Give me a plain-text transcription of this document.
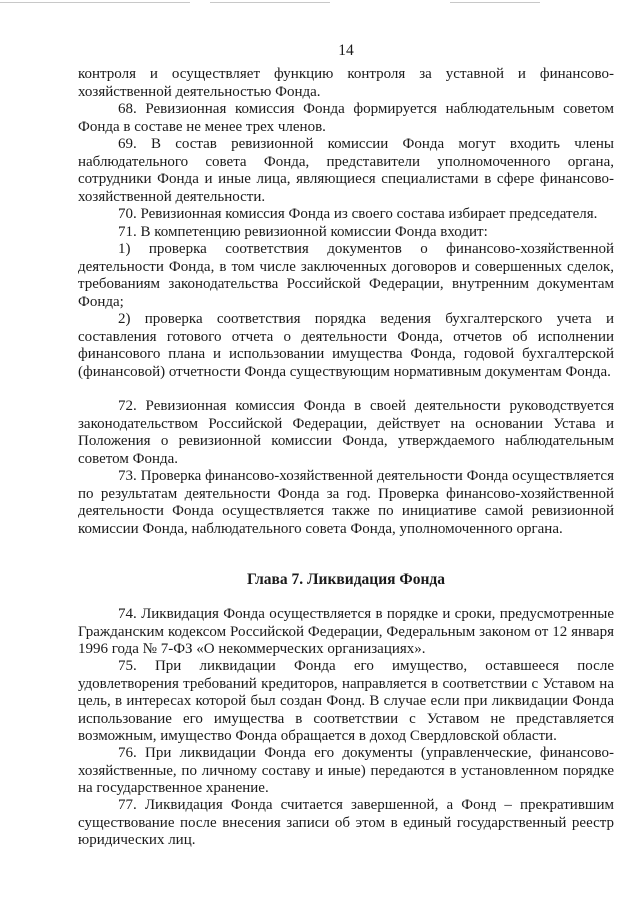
14
контроля и осуществляет функцию контроля за уставной и финансово-хозяйственной деятельностью Фонда.
68. Ревизионная комиссия Фонда формируется наблюдательным советом Фонда в составе не менее трех членов.
69. В состав ревизионной комиссии Фонда могут входить члены наблюдательного совета Фонда, представители уполномоченного органа, сотрудники Фонда и иные лица, являющиеся специалистами в сфере финансово-хозяйственной деятельности.
70. Ревизионная комиссия Фонда из своего состава избирает председателя.
71. В компетенцию ревизионной комиссии Фонда входит:
1) проверка соответствия документов о финансово-хозяйственной деятельности Фонда, в том числе заключенных договоров и совершенных сделок, требованиям законодательства Российской Федерации, внутренним документам Фонда;
2) проверка соответствия порядка ведения бухгалтерского учета и составления готового отчета о деятельности Фонда, отчетов об исполнении финансового плана и использовании имущества Фонда, годовой бухгалтерской (финансовой) отчетности Фонда существующим нормативным документам Фонда.
72. Ревизионная комиссия Фонда в своей деятельности руководствуется законодательством Российской Федерации, действует на основании Устава и Положения о ревизионной комиссии Фонда, утверждаемого наблюдательным советом Фонда.
73. Проверка финансово-хозяйственной деятельности Фонда осуществляется по результатам деятельности Фонда за год. Проверка финансово-хозяйственной деятельности Фонда осуществляется также по инициативе самой ревизионной комиссии Фонда, наблюдательного совета Фонда, уполномоченного органа.
Глава 7. Ликвидация Фонда
74. Ликвидация Фонда осуществляется в порядке и сроки, предусмотренные Гражданским кодексом Российской Федерации, Федеральным законом от 12 января 1996 года № 7-ФЗ «О некоммерческих организациях».
75. При ликвидации Фонда его имущество, оставшееся после удовлетворения требований кредиторов, направляется в соответствии с Уставом на цель, в интересах которой был создан Фонд. В случае если при ликвидации Фонда использование его имущества в соответствии с Уставом не представляется возможным, имущество Фонда обращается в доход Свердловской области.
76. При ликвидации Фонда его документы (управленческие, финансово-хозяйственные, по личному составу и иные) передаются в установленном порядке на государственное хранение.
77. Ликвидация Фонда считается завершенной, а Фонд – прекратившим существование после внесения записи об этом в единый государственный реестр юридических лиц.
